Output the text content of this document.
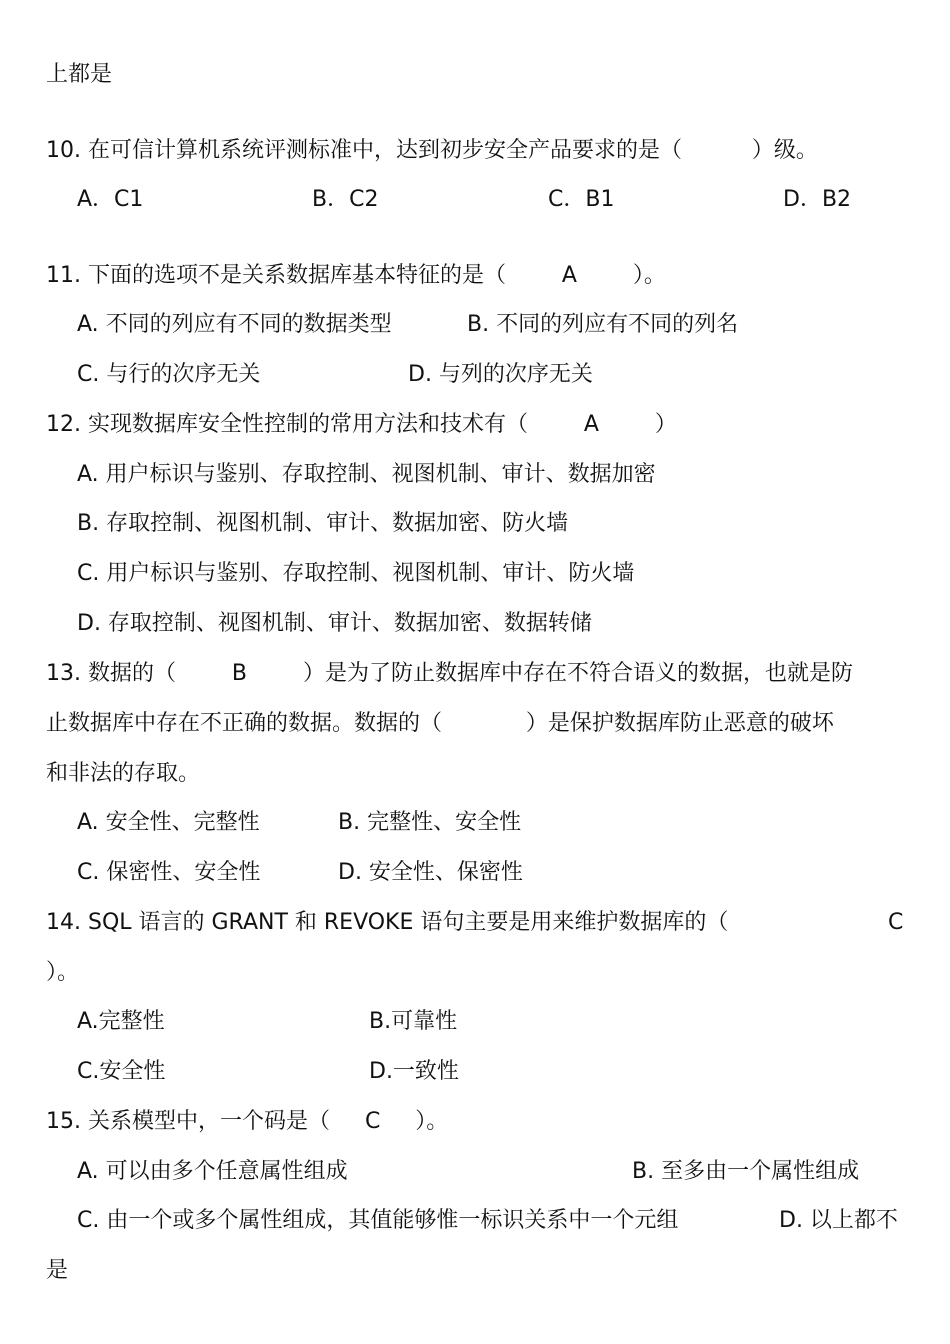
上都是
10. 在可信计算机系统评测标准中，达到初步安全产品要求的是（          ）级。
A．C1	B．C2	C．B1	D．B2
11. 下面的选项不是关系数据库基本特征的是（        A        ）。
A. 不同的列应有不同的数据类型	B. 不同的列应有不同的列名
C. 与行的次序无关	D. 与列的次序无关
12. 实现数据库安全性控制的常用方法和技术有（        A        ）
A. 用户标识与鉴别、存取控制、视图机制、审计、数据加密
B. 存取控制、视图机制、审计、数据加密、防火墙
C. 用户标识与鉴别、存取控制、视图机制、审计、防火墙
D. 存取控制、视图机制、审计、数据加密、数据转储
13. 数据的（        B        ）是为了防止数据库中存在不符合语义的数据，也就是防
止数据库中存在不正确的数据。数据的（            ）是保护数据库防止恶意的破坏
和非法的存取。
A. 安全性、完整性	B. 完整性、安全性
C. 保密性、安全性	D. 安全性、保密性
14. SQL 语言的 GRANT 和 REVOKE 语句主要是用来维护数据库的（	C
）。
A.完整性	B.可靠性
C.安全性	D.一致性
15. 关系模型中，一个码是（     C     ）。
A. 可以由多个任意属性组成	B. 至多由一个属性组成
C. 由一个或多个属性组成，其值能够惟一标识关系中一个元组	D. 以上都不
是
